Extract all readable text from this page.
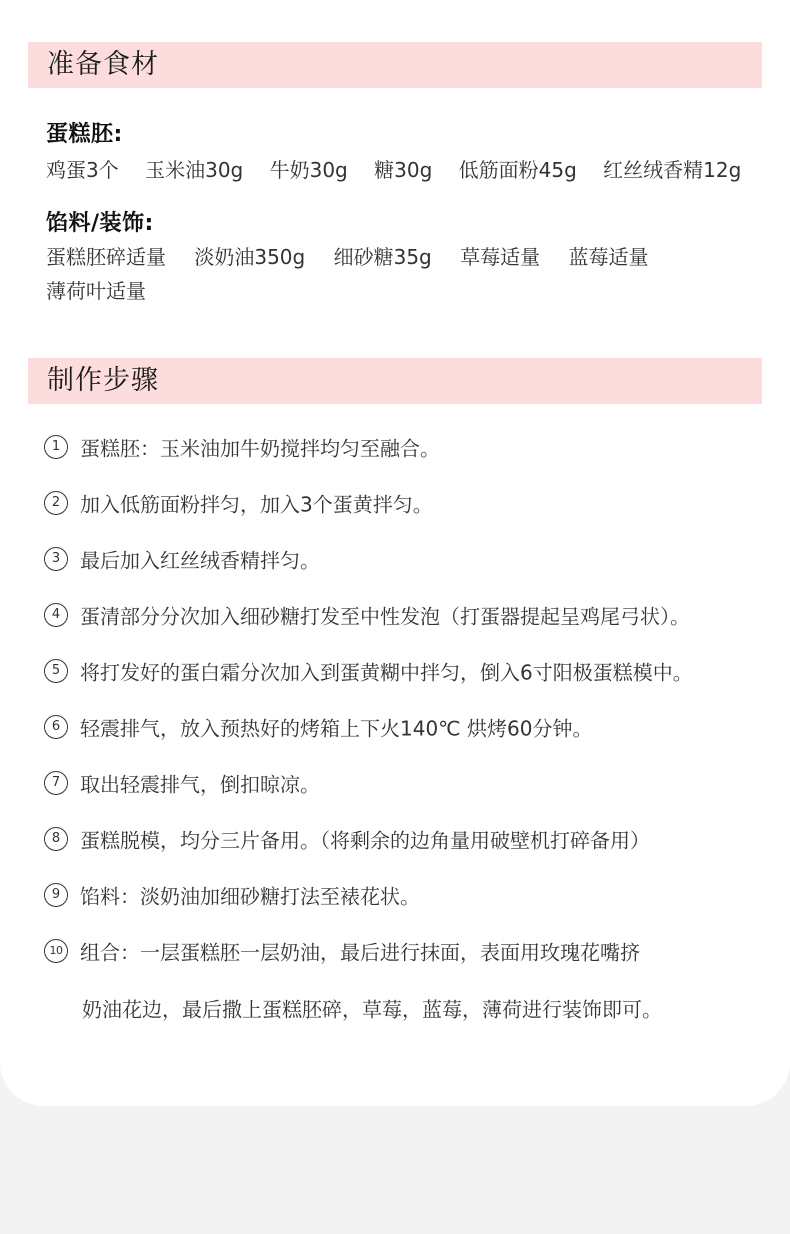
准备食材
蛋糕胚:
鸡蛋3个 玉米油30g 牛奶30g 糖30g 低筋面粉45g 红丝绒香精12g
馅料/装饰:
蛋糕胚碎适量 淡奶油350g 细砂糖35g 草莓适量 蓝莓适量
薄荷叶适量
制作步骤
1 蛋糕胚：玉米油加牛奶搅拌均匀至融合。
2 加入低筋面粉拌匀，加入3个蛋黄拌匀。
3 最后加入红丝绒香精拌匀。
4 蛋清部分分次加入细砂糖打发至中性发泡（打蛋器提起呈鸡尾弓状）。
5 将打发好的蛋白霜分次加入到蛋黄糊中拌匀，倒入6寸阳极蛋糕模中。
6 轻震排气，放入预热好的烤箱上下火140℃ 烘烤60分钟。
7 取出轻震排气，倒扣晾凉。
8 蛋糕脱模，均分三片备用。（将剩余的边角量用破壁机打碎备用）
9 馅料：淡奶油加细砂糖打法至裱花状。
10 组合：一层蛋糕胚一层奶油，最后进行抹面，表面用玫瑰花嘴挤
奶油花边，最后撒上蛋糕胚碎，草莓，蓝莓，薄荷进行装饰即可。
